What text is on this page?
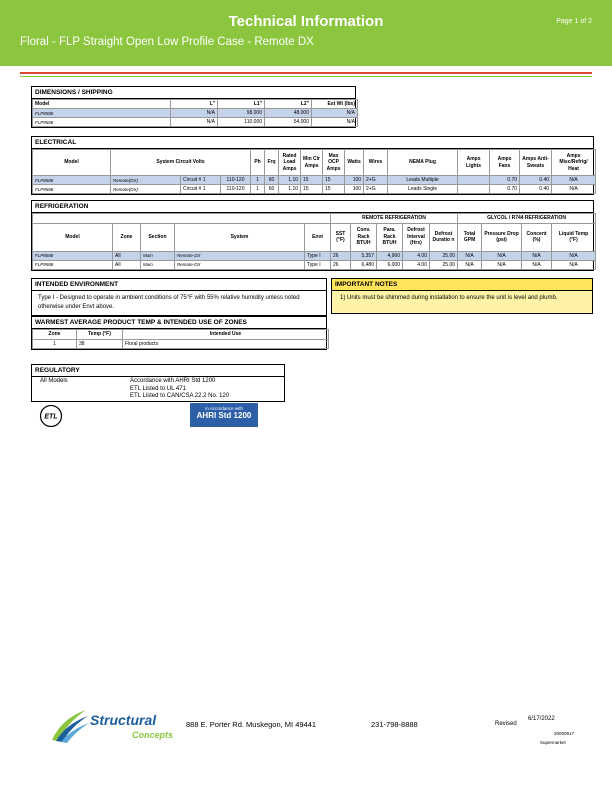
Technical Information	Page 1 of 2
Floral - FLP Straight Open Low Profile Case - Remote DX
DIMENSIONS / SHIPPING
Model	L"	L1"	L2"	Est Wt (lbs)
FLP8588	N/A	98.000	48.000	N/A
FLP9588	N/A	110.000	54.000	N/A
ELECTRICAL
Model	System Circuit Volts			Ph	Frq	Rated Load Amps	Min Cir Amps	Max OCP Amps	Watts	Wires	NEMA Plug	Amps Lights	Amps Fans	Amps Anti-Sweats	Amps Misc/Refrig/ Heat
FLP8588	Remote(DX)	Circuit # 1	110-120	1	60	1.10	15	15	100	2+G	Leads Multiple		0.70	0.40	N/A
FLP9588	Remote(DX)	Circuit # 1	110-120	1	60	1.10	15	15	100	2+G	Leads Single		0.70	0.40	N/A
REFRIGERATION
					REMOTE REFRIGERATION					GLYCOL / R744 REFRIGERATION			
Model	Zone	Section	System	Envt	SST (°F)	Conv. Rack BTUH	Para. Rack BTUH	Defrost Interval (Hrs)	Defrost Duratio n	Total GPM	Pressure Drop (psi)	Concent (%)	Liquid Temp (°F)
FLP8588	All	Main	Remote-DX	Type I	26	5,357	4,960	4.00	25.00	N/A	N/A	N/A	N/A
FLP9588	All	Main	Remote-DX	Type I	26	6,480	6,000	4.00	25.00	N/A	N/A	N/A	N/A
INTENDED ENVIRONMENT
Type I - Designed to operate in ambient conditions of 75°F with 55% relative humidity unless noted otherwise under Envt above.
IMPORTANT NOTES
1) Units must be shimmed during installation to ensure the unit is level and plumb.
WARMEST AVERAGE PRODUCT TEMP & INTENDED USE OF ZONES
Zone	Temp (°F)	Intended Use
1	38	Floral products
REGULATORY
All Models	Accordance with AHRI Std 1200
ETL Listed to UL 471
ETL Listed to CAN/CSA 22.2 No. 120
ETL
In Accordance with
AHRI Std 1200
Structural
Concepts
888 E. Porter Rd. Muskegon, MI 49441	231-798-8888	Revised
6/17/2022
20000917
Supermarket
